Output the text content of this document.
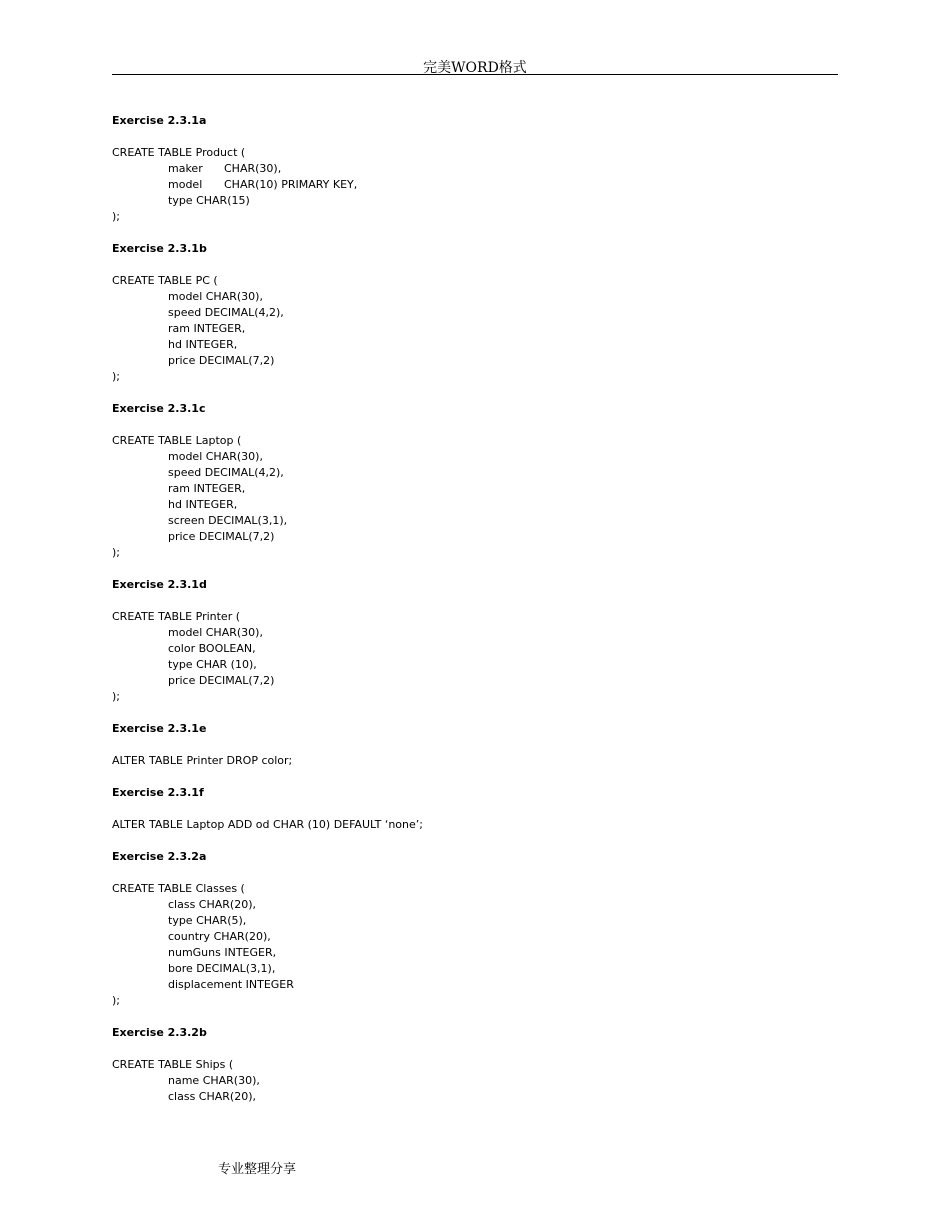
完美WORD格式
Exercise 2.3.1a
CREATE TABLE Product (
maker CHAR(30),
model CHAR(10) PRIMARY KEY,
type CHAR(15)
);
Exercise 2.3.1b
CREATE TABLE PC (
model CHAR(30),
speed DECIMAL(4,2),
ram INTEGER,
hd INTEGER,
price DECIMAL(7,2)
);
Exercise 2.3.1c
CREATE TABLE Laptop (
model CHAR(30),
speed DECIMAL(4,2),
ram INTEGER,
hd INTEGER,
screen DECIMAL(3,1),
price DECIMAL(7,2)
);
Exercise 2.3.1d
CREATE TABLE Printer (
model CHAR(30),
color BOOLEAN,
type CHAR (10),
price DECIMAL(7,2)
);
Exercise 2.3.1e
ALTER TABLE Printer DROP color;
Exercise 2.3.1f
ALTER TABLE Laptop ADD od CHAR (10) DEFAULT ‘none’;
Exercise 2.3.2a
CREATE TABLE Classes (
class CHAR(20),
type CHAR(5),
country CHAR(20),
numGuns INTEGER,
bore DECIMAL(3,1),
displacement INTEGER
);
Exercise 2.3.2b
CREATE TABLE Ships (
name CHAR(30),
class CHAR(20),
专业整理分享
